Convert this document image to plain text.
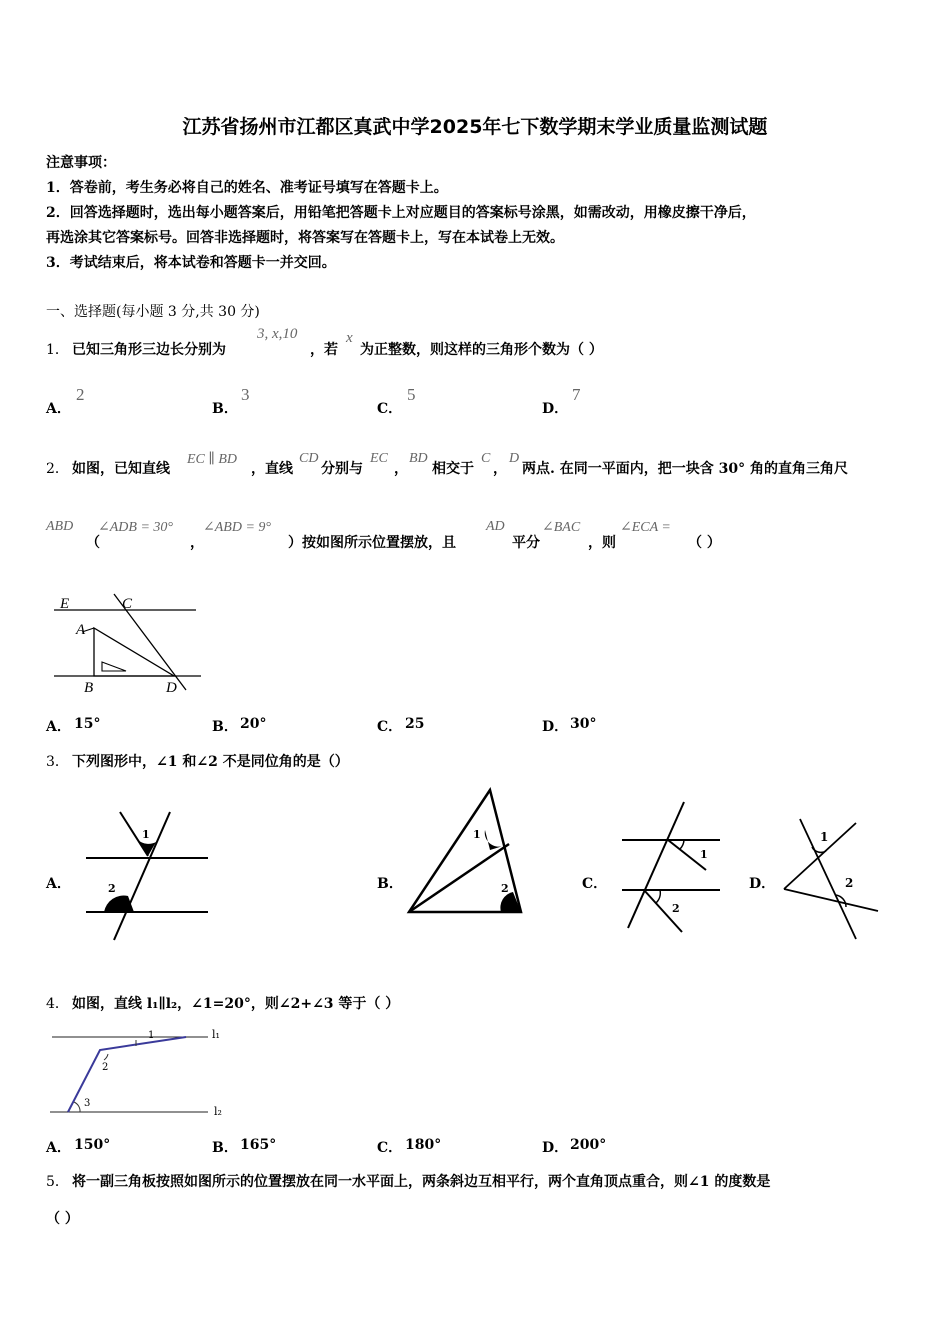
江苏省扬州市江都区真武中学2025年七下数学期末学业质量监测试题
注意事项：
1．答卷前，考生务必将自己的姓名、准考证号填写在答题卡上。
2．回答选择题时，选出每小题答案后，用铅笔把答题卡上对应题目的答案标号涂黑，如需改动，用橡皮擦干净后，
再选涂其它答案标号。回答非选择题时，将答案写在答题卡上，写在本试卷上无效。
3．考试结束后，将本试卷和答题卡一并交回。
一、选择题(每小题 3 分,共 30 分)
1． 已知三角形三边长分别为
3, x,10
，若
x
为正整数，则这样的三角形个数为（ ）
A．
2
B．
3
C．
5
D．
7
2． 如图，已知直线
EC ∥ BD
，直线
CD
分别与
EC
，
BD
相交于
C
，
D
两点. 在同一平面内，把一块含 30° 角的直角三角尺
ABD
（
∠ADB = 30°
，
∠ABD = 9°
）按如图所示位置摆放，且
AD
平分
∠BAC
，则
∠ECA =
（ ）
E	C
A
B	D
A． 15°	B． 20°	C． 25	D． 30°
3． 下列图形中，∠1 和∠2 不是同位角的是（）
A．
1
2	B．
1
2	C．
1
2
D．
1
2
4． 如图，直线 l₁∥l₂，∠1=20°，则∠2+∠3 等于（ ）
l₁
l₂
1
2
3
A． 150°	B． 165°	C． 180°	D． 200°
5． 将一副三角板按照如图所示的位置摆放在同一水平面上，两条斜边互相平行，两个直角顶点重合，则∠1 的度数是
（ ）
